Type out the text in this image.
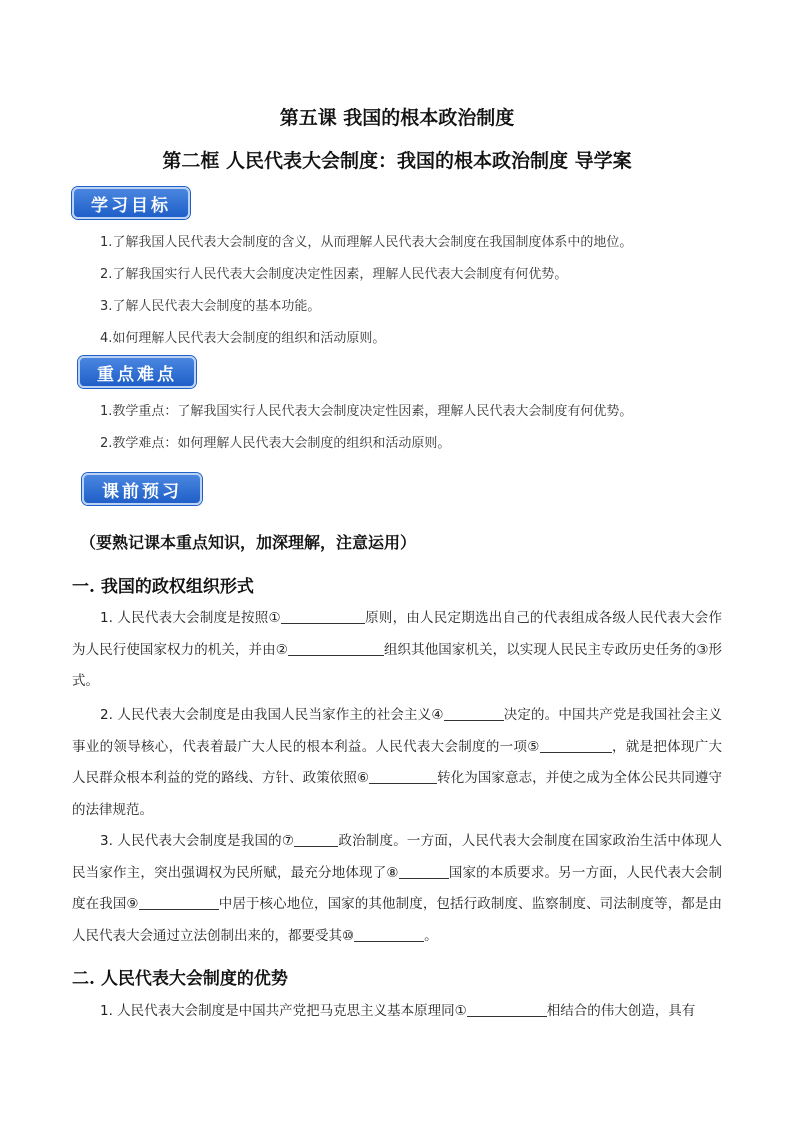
第五课 我国的根本政治制度
第二框 人民代表大会制度：我国的根本政治制度 导学案
学习目标
1.了解我国人民代表大会制度的含义，从而理解人民代表大会制度在我国制度体系中的地位。
2.了解我国实行人民代表大会制度决定性因素，理解人民代表大会制度有何优势。
3.了解人民代表大会制度的基本功能。
4.如何理解人民代表大会制度的组织和活动原则。
重点难点
1.教学重点：了解我国实行人民代表大会制度决定性因素，理解人民代表大会制度有何优势。
2.教学难点：如何理解人民代表大会制度的组织和活动原则。
课前预习
（要熟记课本重点知识，加深理解，注意运用）
一. 我国的政权组织形式
1. 人民代表大会制度是按照①	原则，由人民定期选出自己的代表组成各级人民代表大会作为人民行使国家权力的机关，并由②	组织其他国家机关，以实现人民民主专政历史任务的③形式。
2. 人民代表大会制度是由我国人民当家作主的社会主义④	决定的。中国共产党是我国社会主义事业的领导核心，代表着最广大人民的根本利益。人民代表大会制度的一项⑤	，就是把体现广大人民群众根本利益的党的路线、方针、政策依照⑥	转化为国家意志，并使之成为全体公民共同遵守的法律规范。
3. 人民代表大会制度是我国的⑦	政治制度。一方面，人民代表大会制度在国家政治生活中体现人民当家作主，突出强调权为民所赋，最充分地体现了⑧	国家的本质要求。另一方面，人民代表大会制度在我国⑨	中居于核心地位，国家的其他制度，包括行政制度、监察制度、司法制度等，都是由人民代表大会通过立法创制出来的，都要受其⑩	。
二. 人民代表大会制度的优势
1. 人民代表大会制度是中国共产党把马克思主义基本原理同①	相结合的伟大创造，具有
